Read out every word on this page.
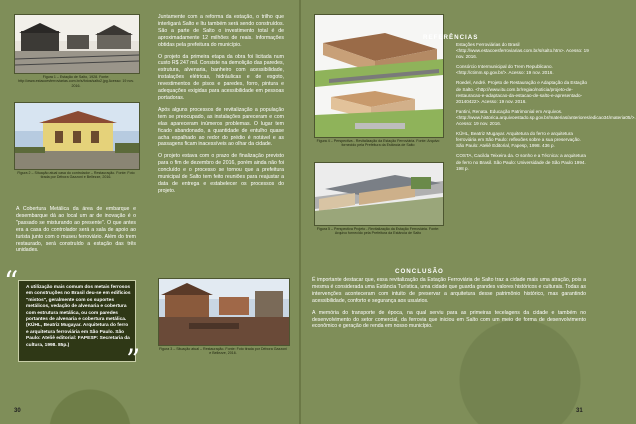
Figura 1 – Estação de Salto, 1928. Fonte: http://www.estacoesferroviarias.com.br/s/fotos/salto2.jpg Acesso: 19 nov. 2016.
Figura 2 – Situação atual casa do controlador – Restauração. Fonte: Foto tirada por Débora Gazzoni e Bellezze, 2016.
A Cobertura Metálica da área de embarque e desembarque dá ao local um ar de inovação é o "passado se misturando ao presente". O que antes era a casa do controlador será a sala de apoio ao turista junto com o museu ferroviário. Além do trem restaurado, será construído a estação das três unidades.
“ A utilização mais comum dos metais ferrosos em construções no Brasil deu-se em edifícios "mistos", geralmente com os suportes metálicos, vedação de alvenaria e cobertura com estrutura metálica, ou com paredes portantes de alvenaria e cobertura metálica. (KÜHL, Beatriz Mugayar. Arquitetura do ferro e arquitetura ferroviária em São Paulo. São Paulo: Ateliê editorial: FAPESP: Secretaria da cultura, 1998. 85p.)	”

Juntamente com a reforma da estação, o trilho que interligará Salto e Itu também será sendo construídos. São a parte de Salto o investimento total é de aproximadamente 12 milhões de reais. Informações obtidas pela prefeitura do município.

O projeto da primeira etapa da obra foi licitada num custo R$ 247 mil. Consiste na demolição das paredes, estrutura, alvenaria, banheiro com acessibilidade, instalações elétricas, hidráulicas e de esgoto, revestimentos de pisos e paredes, forro, pintura e adequações exigidas para acessibilidade em pessoas portadoras.

Após alguns processos de revitalização a população tem se preocupado, as instalações pareceram e com elas apareceram inúmeros problemas. O lugar tem ficado abandonado, a quantidade de entulho quase acha espalhado ao redor do prédio é notável e as passagens ficam inacessíveis ao olhar da cidade.

O projeto estava com o prazo de finalização previsto para o fim de dezembro de 2016, porém ainda não foi concluído e o processo se tornou que a prefeitura municipal de Salto tem feito reuniões para reajustar a data de entrega e estabelecer os processos do projeto.

Figura 3 – Situação atual – Restauração. Fonte: Foto tirada por Débora Gazzoni e Bellezze, 2016.
30
Figura 4 – Perspectiva - Revitalização da Estação Ferroviária. Fonte: Arquivo fornecido pela Prefeitura da Estância de Salto
Figura 5 – Perspectiva Projeto - Revitalização da Estação Ferroviária. Fonte: Arquivo fornecido pela Prefeitura da Estância de Salto
REFERÊNCIAS

Estações Ferroviárias do Brasil <http://www.estacoesferroviarias.com.br/s/salto.htm>. Acesso: 19 nov. 2016.

Consórcio Intermunicipal do Trem Republicano. <http://ctimm.sp.gov.br/>. Acesso: 19 nov. 2016.

Roedel, André. Projeto de Restauração e Adaptação da Estação de Salto. <http://www.itu.com.br/regiao/noticia/projeto-de-restauracao-e-adaptacao-da-estacao-de-salto-e-apresentado-20140422>. Acesso: 19 nov. 2016.

Fantini, Renata. Educação Patrimonial em Arquivos. <http://www.historica.arquivoestado.sp.gov.br/materias/anteriores/edicao34/materia05/>. Acesso: 19 nov. 2016.

KÜHL, Beatriz Mugayar. Arquitetura do ferro e arquitetura ferroviária em São Paulo: reflexões sobre a sua preservação. São Paulo: Ateliê Editorial, Fapesp, 1998. 436 p.

COSTA, Cacilda Teixeira da. O sonho e a Técnica: a arquitetura de ferro no Brasil. São Paulo: Universidade de São Paulo 1994. 198 p.

CONCLUSÃO

É importante destacar que, essa revitalização da Estação Ferroviária de Salto traz a cidade mais uma atração, pois a mesma é considerada uma Estância Turística, uma cidade que guarda grandes valores históricos e culturais. Todas as intervenções aconteceram com intuito de preservar a arquitetura desse patrimônio histórico, mas garantindo acessibilidade, conforto e segurança aos usuários.

A memória do transporte de época, na qual serviu para as primeiras tecelagens da cidade e também no desenvolvimento do setor comercial, da ferrovia que iniciou em Salto com um meio de forma de desenvolvimento econômico e geração de renda em nosso município.

31
